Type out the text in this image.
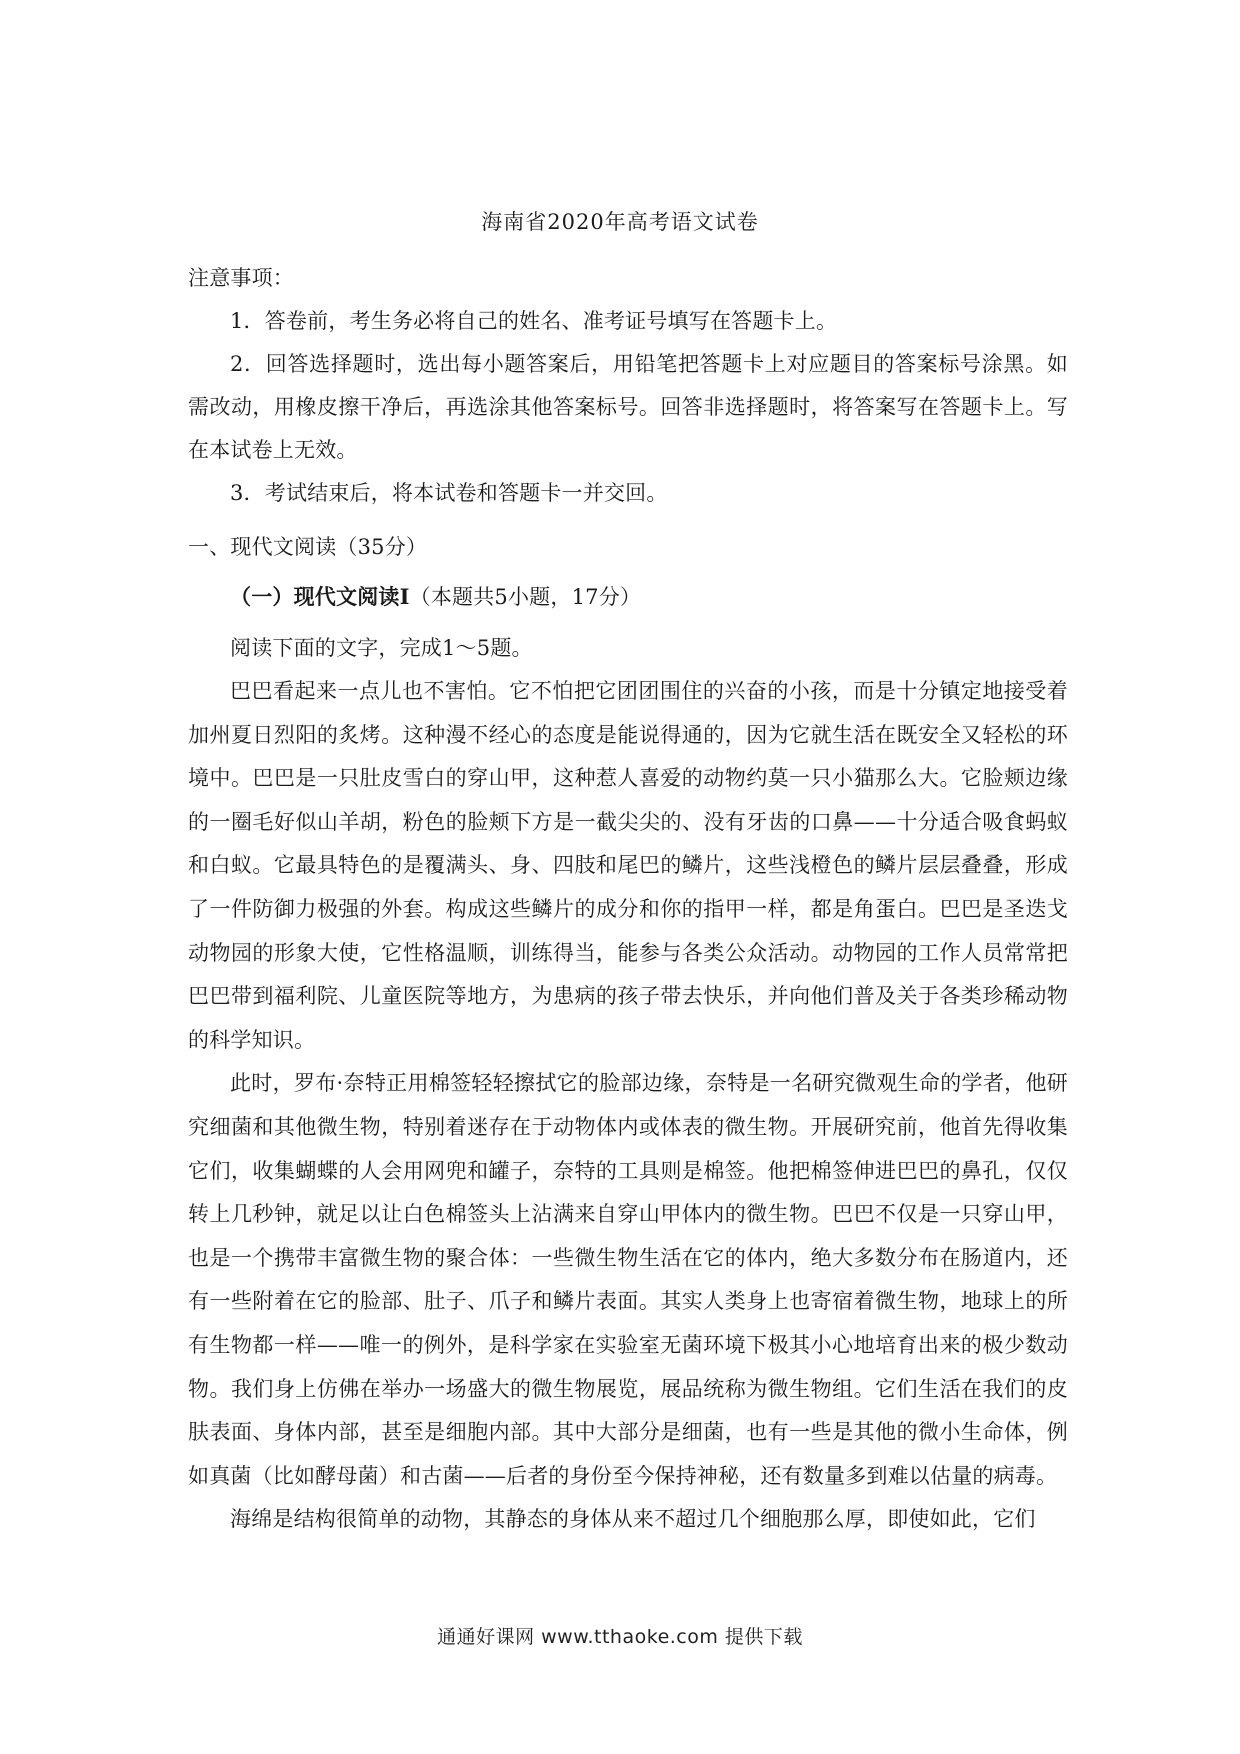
海南省2020年高考语文试卷

注意事项：

1．答卷前，考生务必将自己的姓名、准考证号填写在答题卡上。

2．回答选择题时，选出每小题答案后，用铅笔把答题卡上对应题目的答案标号涂黑。如需改动，用橡皮擦干净后，再选涂其他答案标号。回答非选择题时，将答案写在答题卡上。写在本试卷上无效。

3．考试结束后，将本试卷和答题卡一并交回。

一、现代文阅读（35分）

（一）现代文阅读Ⅰ（本题共5小题，17分）

阅读下面的文字，完成1～5题。

巴巴看起来一点儿也不害怕。它不怕把它团团围住的兴奋的小孩，而是十分镇定地接受着加州夏日烈阳的炙烤。这种漫不经心的态度是能说得通的，因为它就生活在既安全又轻松的环境中。巴巴是一只肚皮雪白的穿山甲，这种惹人喜爱的动物约莫一只小猫那么大。它脸颊边缘的一圈毛好似山羊胡，粉色的脸颊下方是一截尖尖的、没有牙齿的口鼻——十分适合吸食蚂蚁和白蚁。它最具特色的是覆满头、身、四肢和尾巴的鳞片，这些浅橙色的鳞片层层叠叠，形成了一件防御力极强的外套。构成这些鳞片的成分和你的指甲一样，都是角蛋白。巴巴是圣迭戈动物园的形象大使，它性格温顺，训练得当，能参与各类公众活动。动物园的工作人员常常把巴巴带到福利院、儿童医院等地方，为患病的孩子带去快乐，并向他们普及关于各类珍稀动物的科学知识。

此时，罗布·奈特正用棉签轻轻擦拭它的脸部边缘，奈特是一名研究微观生命的学者，他研究细菌和其他微生物，特别着迷存在于动物体内或体表的微生物。开展研究前，他首先得收集它们，收集蝴蝶的人会用网兜和罐子，奈特的工具则是棉签。他把棉签伸进巴巴的鼻孔，仅仅转上几秒钟，就足以让白色棉签头上沾满来自穿山甲体内的微生物。巴巴不仅是一只穿山甲，也是一个携带丰富微生物的聚合体：一些微生物生活在它的体内，绝大多数分布在肠道内，还有一些附着在它的脸部、肚子、爪子和鳞片表面。其实人类身上也寄宿着微生物，地球上的所有生物都一样——唯一的例外，是科学家在实验室无菌环境下极其小心地培育出来的极少数动物。我们身上仿佛在举办一场盛大的微生物展览，展品统称为微生物组。它们生活在我们的皮肤表面、身体内部，甚至是细胞内部。其中大部分是细菌，也有一些是其他的微小生命体，例如真菌（比如酵母菌）和古菌——后者的身份至今保持神秘，还有数量多到难以估量的病毒。

海绵是结构很简单的动物，其静态的身体从来不超过几个细胞那么厚，即使如此，它们

通通好课网 www.tthaoke.com 提供下载
